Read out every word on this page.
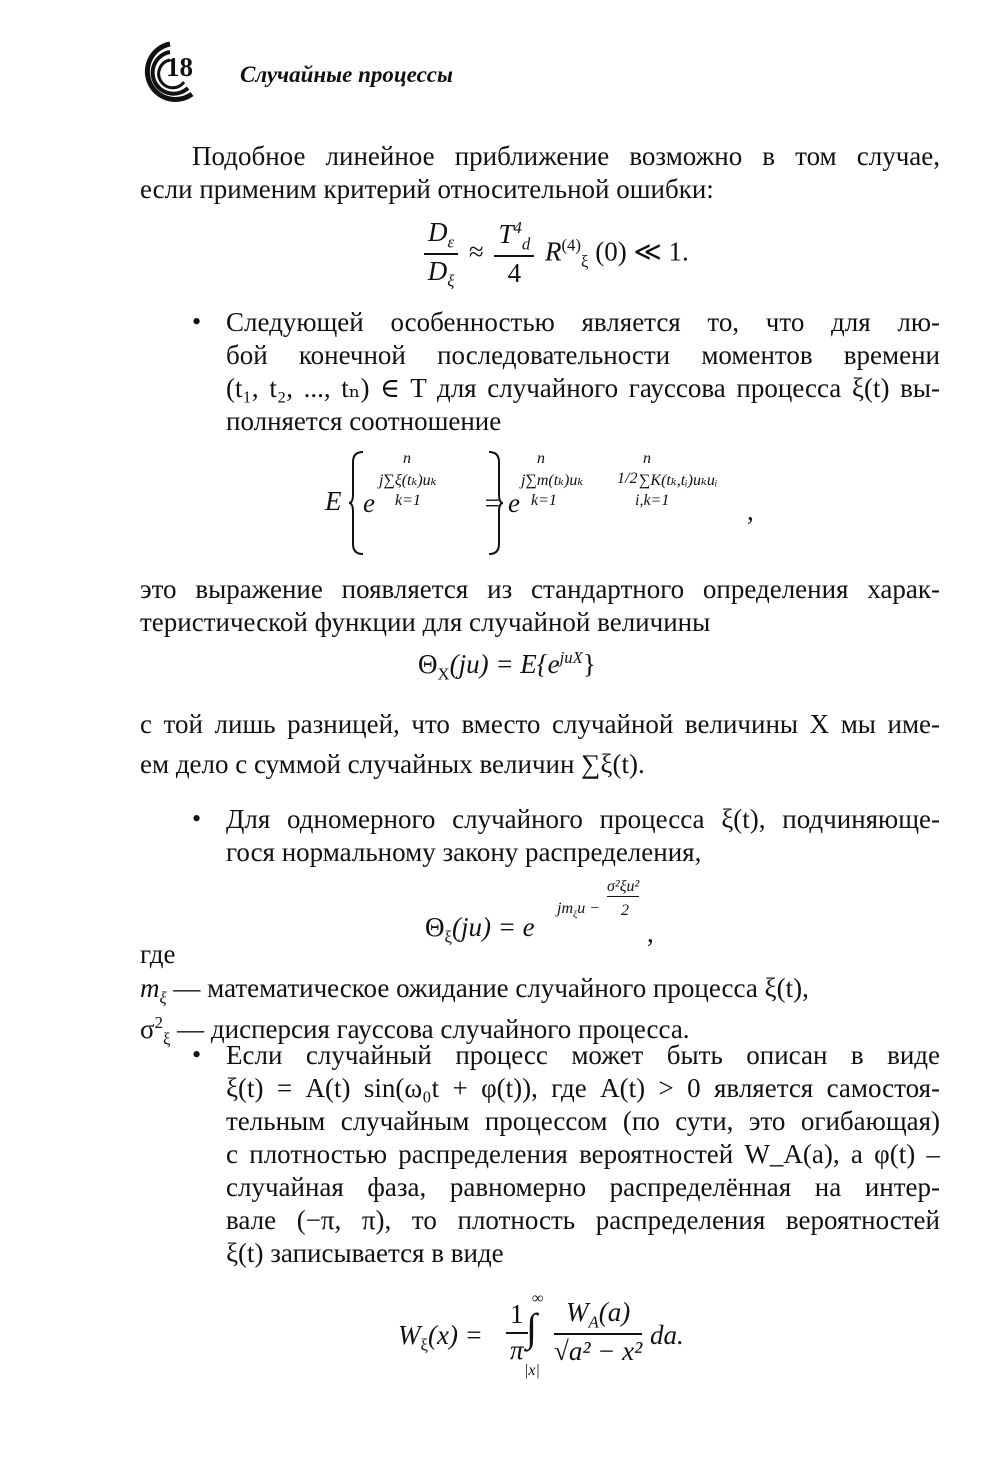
18 Случайные процессы
Подобное линейное приближение возможно в том случае,
если применим критерий относительной ошибки:
$\frac{D_\varepsilon}{D_\xi} \approx \frac{T^4_d}{4} R^{(4)}_\xi$ (0) ≪ 1.
• Следующей особенностью является то, что для лю-
бой конечной последовательности моментов времени
(t₁, t₂, ..., tₙ) ∈ T для случайного гауссова процесса ξ(t) вы-
полняется соотношение
E e
n
j∑ξ(tₖ)uₖ
k=1 = e
n
j∑m(tₖ)uₖ
k=1
1/2
n
∑K(tₖ,tᵢ)uₖuᵢ
i,k=1	,
это выражение появляется из стандартного определения харак-
теристической функции для случайной величины
$\Theta_X(ju) = E\{e^{juX}\}$
с той лишь разницей, что вместо случайной величины X мы име-
ем дело с суммой случайных величин ∑ξ(t).
• Для одномерного случайного процесса ξ(t), подчиняюще-
гося нормальному закону распределения,
$\Theta_\xi(ju) = e$
$jm_\xi u$ −
σ²ξu²
2
,
где
$m_\xi$ — математическое ожидание случайного процесса ξ(t),
$\sigma^2_\xi$ — дисперсия гауссова случайного процесса.
• Если случайный процесс может быть описан в виде
ξ(t) = A(t) sin(ω₀t + φ(t)), где A(t) > 0 является самостоя-
тельным случайным процессом (по сути, это огибающая)
с плотностью распределения вероятностей W_A(a), а φ(t) –
случайная фаза, равномерно распределённая на интер-
вале (−π, π), то плотность распределения вероятностей
ξ(t) записывается в виде
$W_\xi(x) = \frac{1}{\pi}$ ∞
∫
|x|
$\frac{W_A(a)}{\text{√a² − x²}}$ da.
